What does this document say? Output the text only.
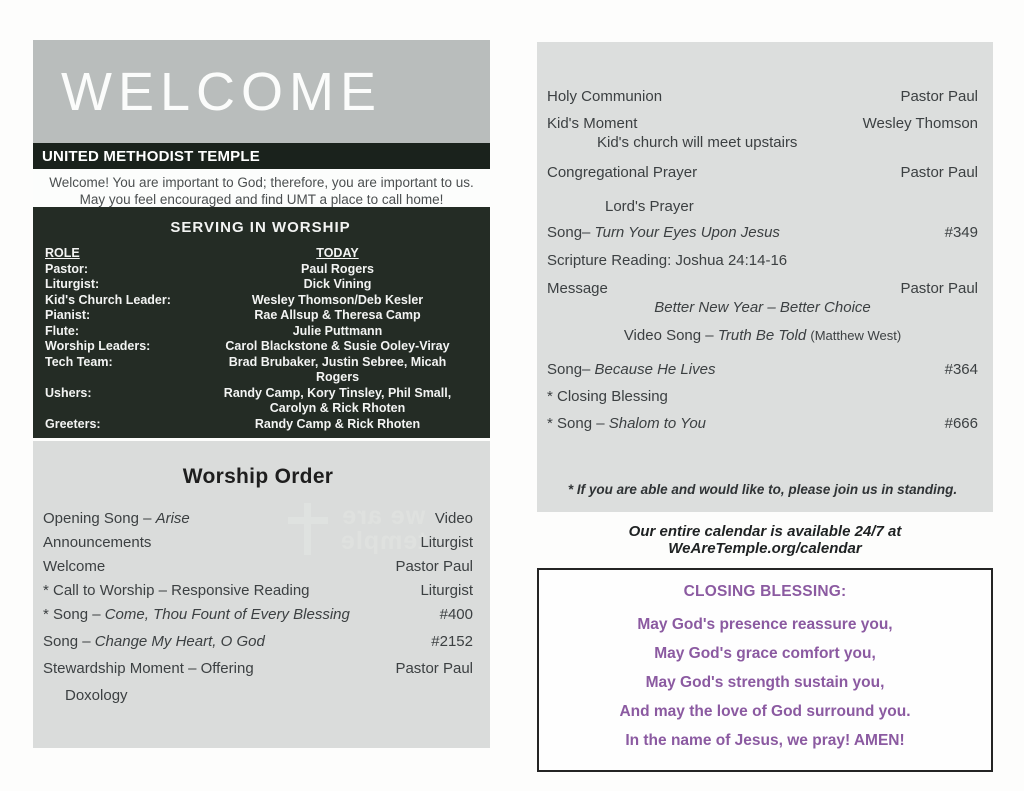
WELCOME
UNITED METHODIST TEMPLE
Welcome! You are important to God; therefore, you are important to us. May you feel encouraged and find UMT a place to call home!
SERVING IN WORSHIP
ROLE	TODAY
Pastor:	Paul Rogers
Liturgist:	Dick Vining
Kid's Church Leader:	Wesley Thomson/Deb Kesler
Pianist:	Rae Allsup & Theresa Camp
Flute:	Julie Puttmann
Worship Leaders:	Carol Blackstone & Susie Ooley-Viray
Tech Team:	Brad Brubaker, Justin Sebree, Micah Rogers
Ushers:	Randy Camp, Kory Tinsley, Phil Small,
Carolyn & Rick Rhoten
Greeters:	Randy Camp & Rick Rhoten
we are
temple
Worship Order
Opening Song – Arise	Video
Announcements	Liturgist
Welcome	Pastor Paul
* Call to Worship – Responsive Reading	Liturgist
* Song – Come, Thou Fount of Every Blessing	#400
Song – Change My Heart, O God	#2152
Stewardship Moment – Offering	Pastor Paul
Doxology
Holy Communion	Pastor Paul
Kid's Moment	Wesley Thomson
Kid's church will meet upstairs
Congregational Prayer	Pastor Paul
Lord's Prayer
Song– Turn Your Eyes Upon Jesus	#349
Scripture Reading: Joshua 24:14-16
Message	Pastor Paul
Better New Year – Better Choice
Video Song – Truth Be Told (Matthew West)
Song– Because He Lives	#364
* Closing Blessing
* Song – Shalom to You	#666
* If you are able and would like to, please join us in standing.
Our entire calendar is available 24/7 at WeAreTemple.org/calendar
CLOSING BLESSING:
May God's presence reassure you,
May God's grace comfort you,
May God's strength sustain you,
And may the love of God surround you.
In the name of Jesus, we pray! AMEN!
